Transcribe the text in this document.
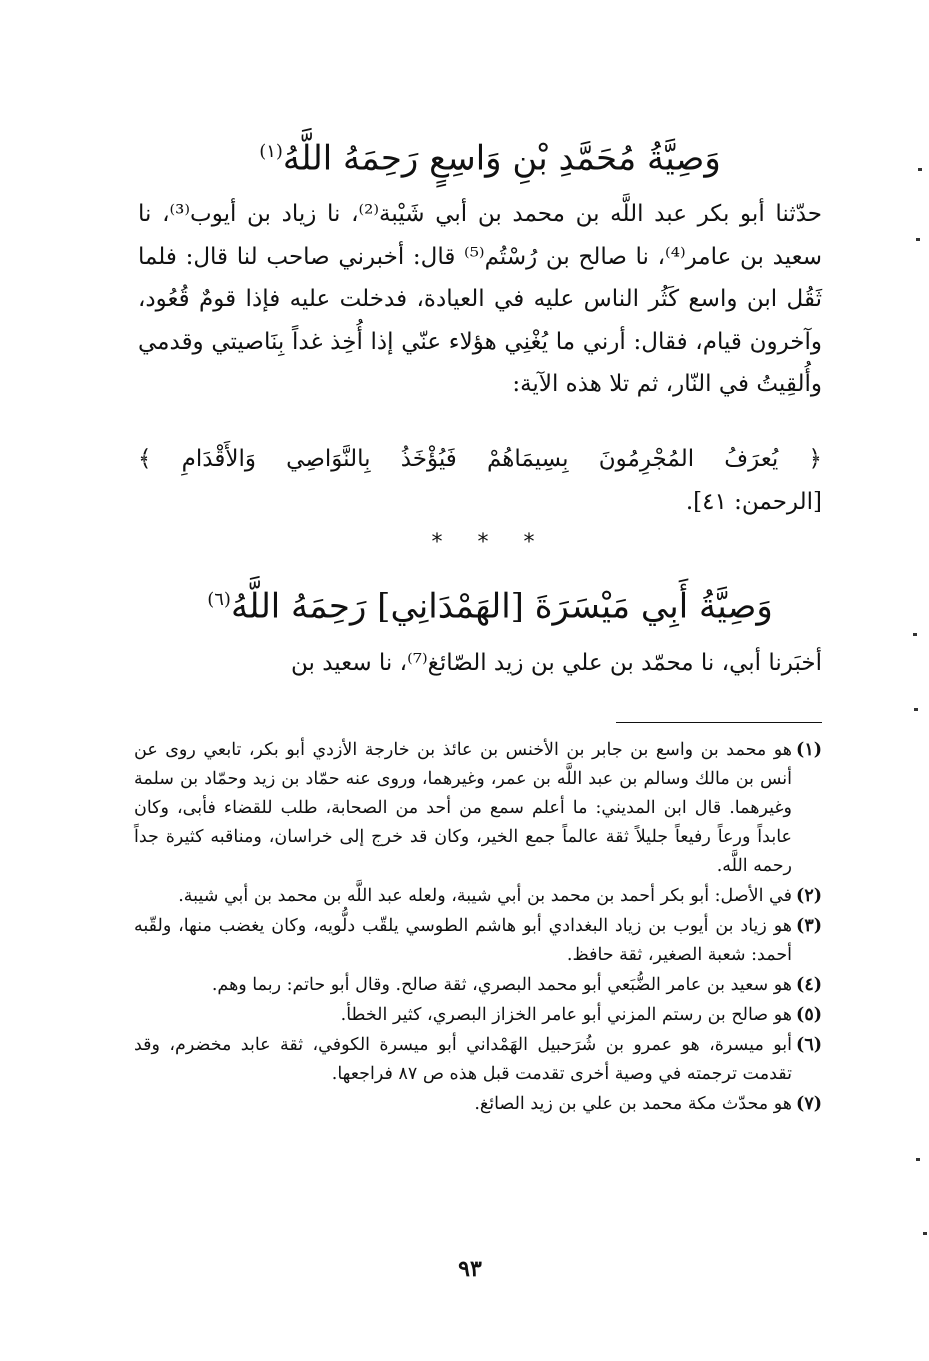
وَصِيَّةُ مُحَمَّدِ بْنِ وَاسِعٍ رَحِمَهُ اللَّهُ$^{(١)}$
حدّثنا أبو بكر عبد اللَّه بن محمد بن أبي شَيْبة⁽²⁾، نا زياد بن أيوب⁽³⁾، نا سعيد بن عامر⁽⁴⁾، نا صالح بن رُسْتُم⁽⁵⁾ قال: أخبرني صاحب لنا قال: فلما ثَقُل ابن واسع كَثُر الناس عليه في العيادة، فدخلت عليه فإذا قومٌ قُعُود، وآخرون قيام، فقال: أرني ما يُغْنِي هؤلاء عنّي إذا أُخِذ غداً بِنَاصيتي وقدمي وأُلقِيتُ في النّار، ثم تلا هذه الآية:
﴿ يُعرَفُ المُجْرِمُونَ بِسِيمَاهُمْ فَيُؤْخَذُ بِالنَّوَاصِي وَالأَقْدَامِ ﴾
[الرحمن: ٤١].
* * *
وَصِيَّةُ أَبِي مَيْسَرَةَ [الهَمْدَانِي] رَحِمَهُ اللَّهُ$^{(٦)}$
أخبَرنا أبي، نا محمّد بن علي بن زيد الصّائغ⁽⁷⁾، نا سعيد بن
(١)
هو محمد بن واسع بن جابر بن الأخنس بن عائذ بن خارجة الأزدي أبو بكر، تابعي روى عن أنس بن مالك وسالم بن عبد اللَّه بن عمر، وغيرهما، وروى عنه حمّاد بن زيد وحمّاد بن سلمة وغيرهما. قال ابن المديني: ما أعلم سمع من أحد من الصحابة، طلب للقضاء فأبى، وكان عابداً ورعاً رفيعاً جليلاً ثقة عالماً جمع الخير، وكان قد خرج إلى خراسان، ومناقبه كثيرة جداً رحمه اللَّه.
(٢)
في الأصل: أبو بكر أحمد بن محمد بن أبي شيبة، ولعله عبد اللَّه بن محمد بن أبي شيبة.
(٣)
هو زياد بن أيوب بن زياد البغدادي أبو هاشم الطوسي يلقّب دلُّويه، وكان يغضب منها، ولقّبه أحمد: شعبة الصغير، ثقة حافظ.
(٤)
هو سعيد بن عامر الضُّبَعي أبو محمد البصري، ثقة صالح. وقال أبو حاتم: ربما وهم.
(٥)
هو صالح بن رستم المزني أبو عامر الخزاز البصري، كثير الخطأ.
(٦)
أبو ميسرة، هو عمرو بن شُرَحبيل الهَمْداني أبو ميسرة الكوفي، ثقة عابد مخضرم، وقد تقدمت ترجمته في وصية أخرى تقدمت قبل هذه ص ٨٧ فراجعها.
(٧)
هو محدّث مكة محمد بن علي بن زيد الصائغ.
٩٣
